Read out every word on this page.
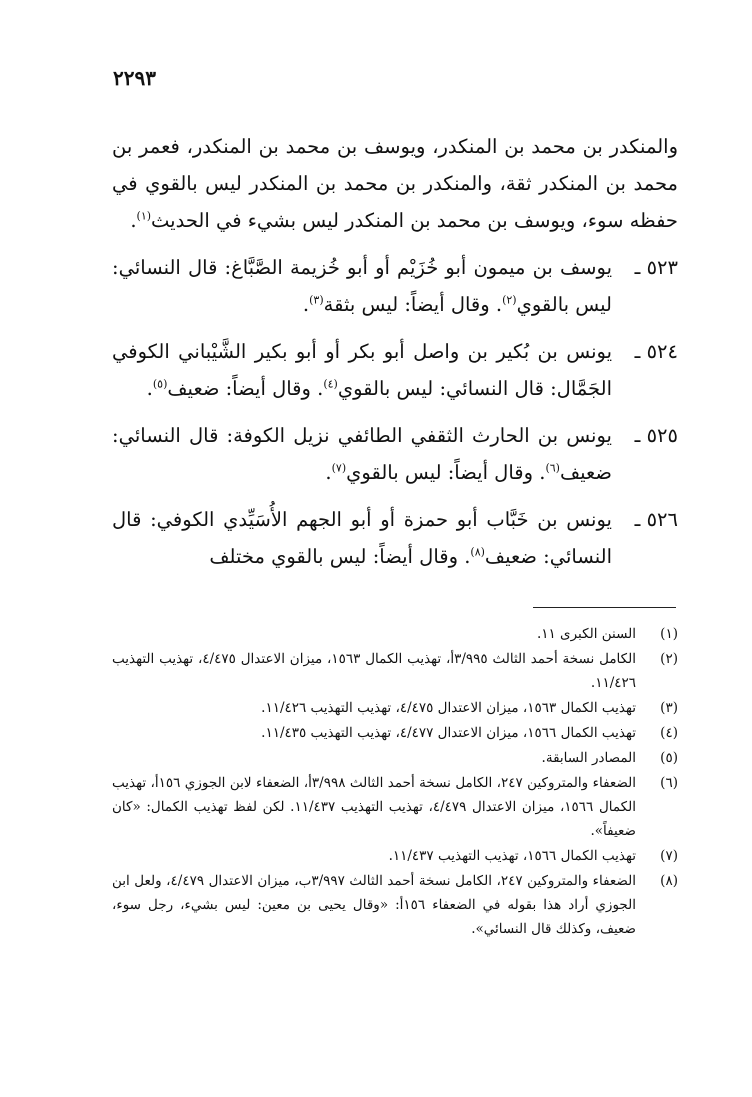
٢٢٩٣

والمنكدر بن محمد بن المنكدر، ويوسف بن محمد بن المنكدر، فعمر بن محمد بن المنكدر ثقة، والمنكدر بن محمد بن المنكدر ليس بالقوي في حفظه سوء، ويوسف بن محمد بن المنكدر ليس بشيء في الحديث$^{(١)}$.

٥٢٣ ـ
يوسف بن ميمون أبو خُزَيْم أو أبو خُزيمة الصَّبَّاغ: قال النسائي: ليس بالقوي$^{(٢)}$. وقال أيضاً: ليس بثقة$^{(٣)}$.
٥٢٤ ـ
يونس بن بُكير بن واصل أبو بكر أو أبو بكير الشَّيْباني الكوفي الجَمَّال: قال النسائي: ليس بالقوي$^{(٤)}$. وقال أيضاً: ضعيف$^{(٥)}$.
٥٢٥ ـ
يونس بن الحارث الثقفي الطائفي نزيل الكوفة: قال النسائي: ضعيف$^{(٦)}$. وقال أيضاً: ليس بالقوي$^{(٧)}$.
٥٢٦ ـ
يونس بن خَبَّاب أبو حمزة أو أبو الجهم الأُسَيِّدي الكوفي: قال النسائي: ضعيف$^{(٨)}$. وقال أيضاً: ليس بالقوي مختلف
(١)
السنن الكبرى ١١.
(٢)
الكامل نسخة أحمد الثالث ٣/٩٩٥أ، تهذيب الكمال ١٥٦٣، ميزان الاعتدال ٤/٤٧٥، تهذيب التهذيب ١١/٤٢٦.
(٣)
تهذيب الكمال ١٥٦٣، ميزان الاعتدال ٤/٤٧٥، تهذيب التهذيب ١١/٤٢٦.
(٤)
تهذيب الكمال ١٥٦٦، ميزان الاعتدال ٤/٤٧٧، تهذيب التهذيب ١١/٤٣٥.
(٥)
المصادر السابقة.
(٦)
الضعفاء والمتروكين ٢٤٧، الكامل نسخة أحمد الثالث ٣/٩٩٨أ، الضعفاء لابن الجوزي ١٥٦أ، تهذيب الكمال ١٥٦٦، ميزان الاعتدال ٤/٤٧٩، تهذيب التهذيب ١١/٤٣٧. لكن لفظ تهذيب الكمال: «كان ضعيفاً».
(٧)
تهذيب الكمال ١٥٦٦، تهذيب التهذيب ١١/٤٣٧.
(٨)
الضعفاء والمتروكين ٢٤٧، الكامل نسخة أحمد الثالث ٣/٩٩٧ب، ميزان الاعتدال ٤/٤٧٩، ولعل ابن الجوزي أراد هذا بقوله في الضعفاء ١٥٦أ: «وقال يحيى بن معين: ليس بشيء، رجل سوء، ضعيف، وكذلك قال النسائي».
